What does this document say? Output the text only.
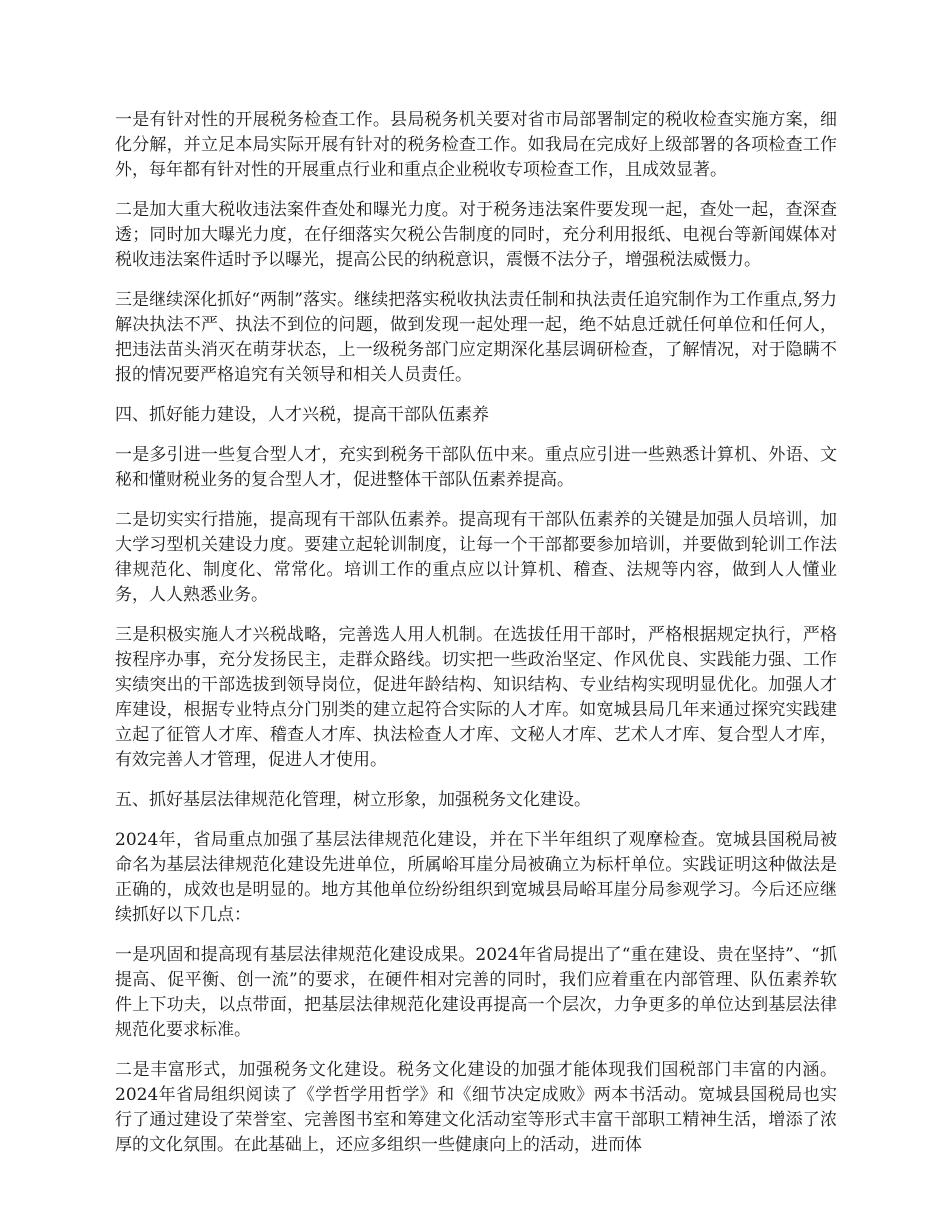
一是有针对性的开展税务检查工作。县局税务机关要对省市局部署制定的税收检查实施方案，细化分解，并立足本局实际开展有针对的税务检查工作。如我局在完成好上级部署的各项检查工作外，每年都有针对性的开展重点行业和重点企业税收专项检查工作，且成效显著。

二是加大重大税收违法案件查处和曝光力度。对于税务违法案件要发现一起，查处一起，查深查透；同时加大曝光力度，在仔细落实欠税公告制度的同时，充分利用报纸、电视台等新闻媒体对税收违法案件适时予以曝光，提高公民的纳税意识，震慑不法分子，增强税法威慑力。

三是继续深化抓好“两制”落实。继续把落实税收执法责任制和执法责任追究制作为工作重点,努力解决执法不严、执法不到位的问题，做到发现一起处理一起，绝不姑息迁就任何单位和任何人，把违法苗头消灭在萌芽状态，上一级税务部门应定期深化基层调研检查，了解情况，对于隐瞒不报的情况要严格追究有关领导和相关人员责任。

四、抓好能力建设，人才兴税，提高干部队伍素养

一是多引进一些复合型人才，充实到税务干部队伍中来。重点应引进一些熟悉计算机、外语、文秘和懂财税业务的复合型人才，促进整体干部队伍素养提高。

二是切实实行措施，提高现有干部队伍素养。提高现有干部队伍素养的关键是加强人员培训，加大学习型机关建设力度。要建立起轮训制度，让每一个干部都要参加培训，并要做到轮训工作法律规范化、制度化、常常化。培训工作的重点应以计算机、稽查、法规等内容，做到人人懂业务，人人熟悉业务。

三是积极实施人才兴税战略，完善选人用人机制。在选拔任用干部时，严格根据规定执行，严格按程序办事，充分发扬民主，走群众路线。切实把一些政治坚定、作风优良、实践能力强、工作实绩突出的干部选拔到领导岗位，促进年龄结构、知识结构、专业结构实现明显优化。加强人才库建设，根据专业特点分门别类的建立起符合实际的人才库。如宽城县局几年来通过探究实践建立起了征管人才库、稽查人才库、执法检查人才库、文秘人才库、艺术人才库、复合型人才库，有效完善人才管理，促进人才使用。

五、抓好基层法律规范化管理，树立形象，加强税务文化建设。

2024年，省局重点加强了基层法律规范化建设，并在下半年组织了观摩检查。宽城县国税局被命名为基层法律规范化建设先进单位，所属峪耳崖分局被确立为标杆单位。实践证明这种做法是正确的，成效也是明显的。地方其他单位纷纷组织到宽城县局峪耳崖分局参观学习。今后还应继续抓好以下几点：

一是巩固和提高现有基层法律规范化建设成果。2024年省局提出了“重在建设、贵在坚持”、“抓提高、促平衡、创一流”的要求，在硬件相对完善的同时，我们应着重在内部管理、队伍素养软件上下功夫，以点带面，把基层法律规范化建设再提高一个层次，力争更多的单位达到基层法律规范化要求标准。

二是丰富形式，加强税务文化建设。税务文化建设的加强才能体现我们国税部门丰富的内涵。2024年省局组织阅读了《学哲学用哲学》和《细节决定成败》两本书活动。宽城县国税局也实行了通过建设了荣誉室、完善图书室和筹建文化活动室等形式丰富干部职工精神生活，增添了浓厚的文化氛围。在此基础上，还应多组织一些健康向上的活动，进而体
